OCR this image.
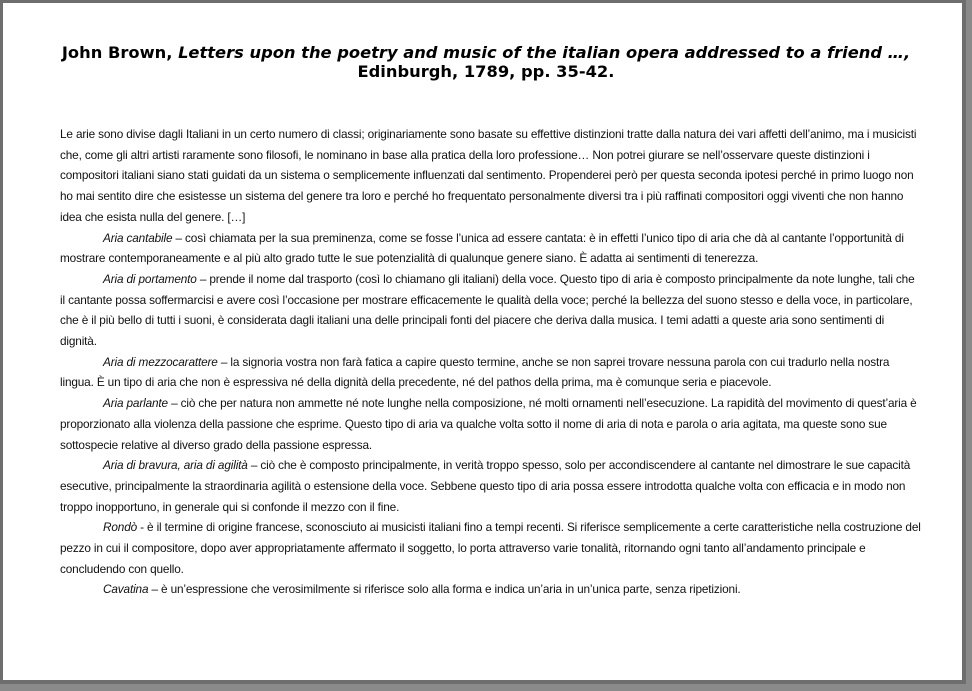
John Brown, Letters upon the poetry and music of the italian opera addressed to a friend …,
Edinburgh, 1789, pp. 35-42.

Le arie sono divise dagli Italiani in un certo numero di classi; originariamente sono basate su effettive distinzioni tratte dalla natura dei vari affetti dell’animo, ma i musicisti che, come gli altri artisti raramente sono filosofi, le nominano in base alla pratica della loro professione… Non potrei giurare se nell’osservare queste distinzioni i compositori italiani siano stati guidati da un sistema o semplicemente influenzati dal sentimento. Propenderei però per questa seconda ipotesi perché in primo luogo non ho mai sentito dire che esistesse un sistema del genere tra loro e perché ho frequentato personalmente diversi tra i più raffinati compositori oggi viventi che non hanno idea che esista nulla del genere. […]

Aria cantabile – così chiamata per la sua preminenza, come se fosse l’unica ad essere cantata: è in effetti l’unico tipo di aria che dà al cantante l’opportunità di mostrare contemporaneamente e al più alto grado tutte le sue potenzialità di qualunque genere siano. È adatta ai sentimenti di tenerezza.

Aria di portamento – prende il nome dal trasporto (così lo chiamano gli italiani) della voce. Questo tipo di aria è composto principalmente da note lunghe, tali che il cantante possa soffermarcisi e avere così l’occasione per mostrare efficacemente le qualità della voce; perché la bellezza del suono stesso e della voce, in particolare, che è il più bello di tutti i suoni, è considerata dagli italiani una delle principali fonti del piacere che deriva dalla musica. I temi adatti a queste aria sono sentimenti di dignità.

Aria di mezzocarattere – la signoria vostra non farà fatica a capire questo termine, anche se non saprei trovare nessuna parola con cui tradurlo nella nostra lingua. È un tipo di aria che non è espressiva né della dignità della precedente, né del pathos della prima, ma è comunque seria e piacevole.

Aria parlante – ciò che per natura non ammette né note lunghe nella composizione, né molti ornamenti nell’esecuzione. La rapidità del movimento di quest’aria è proporzionato alla violenza della passione che esprime. Questo tipo di aria va qualche volta sotto il nome di aria di nota e parola o aria agitata, ma queste sono sue sottospecie relative al diverso grado della passione espressa.

Aria di bravura, aria di agilità – ciò che è composto principalmente, in verità troppo spesso, solo per accondiscendere al cantante nel dimostrare le sue capacità esecutive, principalmente la straordinaria agilità o estensione della voce. Sebbene questo tipo di aria possa essere introdotta qualche volta con efficacia e in modo non troppo inopportuno, in generale qui si confonde il mezzo con il fine.

Rondò - è il termine di origine francese, sconosciuto ai musicisti italiani fino a tempi recenti. Si riferisce semplicemente a certe caratteristiche nella costruzione del pezzo in cui il compositore, dopo aver appropriatamente affermato il soggetto, lo porta attraverso varie tonalità, ritornando ogni tanto all’andamento principale e concludendo con quello.

Cavatina – è un’espressione che verosimilmente si riferisce solo alla forma e indica un’aria in un’unica parte, senza ripetizioni.
